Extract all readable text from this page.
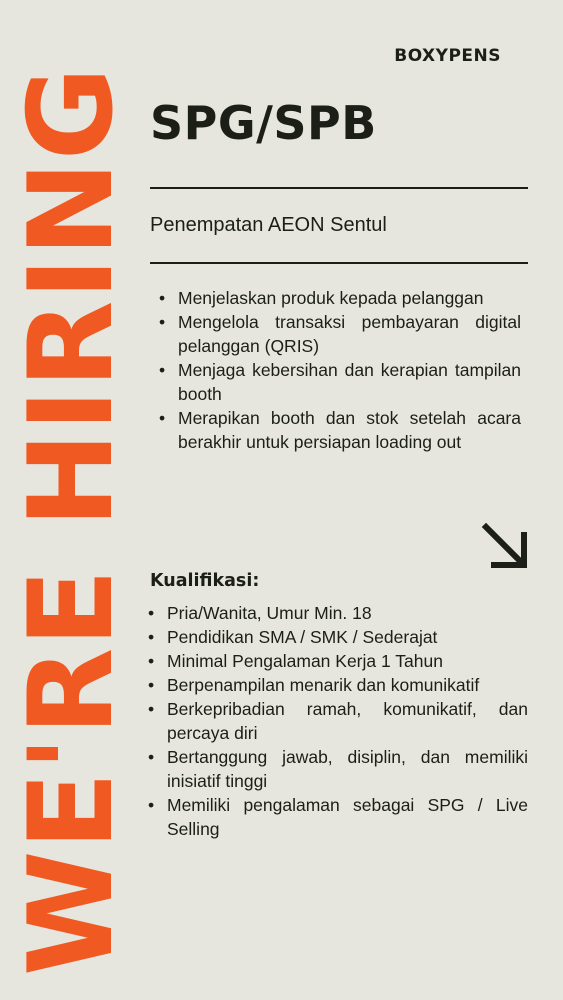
WE'RE HIRING
BOXYPENS
SPG/SPB
Penempatan AEON Sentul
• Menjelaskan produk kepada pelanggan
• Mengelola transaksi pembayaran digital pelanggan (QRIS)
• Menjaga kebersihan dan kerapian tampilan booth
• Merapikan booth dan stok setelah acara berakhir untuk persiapan loading out
Kualifikasi:
• Pria/Wanita, Umur Min. 18
• Pendidikan SMA / SMK / Sederajat
• Minimal Pengalaman Kerja 1 Tahun
• Berpenampilan menarik dan komunikatif
• Berkepribadian ramah, komunikatif, dan percaya diri
• Bertanggung jawab, disiplin, dan memiliki inisiatif tinggi
• Memiliki pengalaman sebagai SPG / Live Selling
